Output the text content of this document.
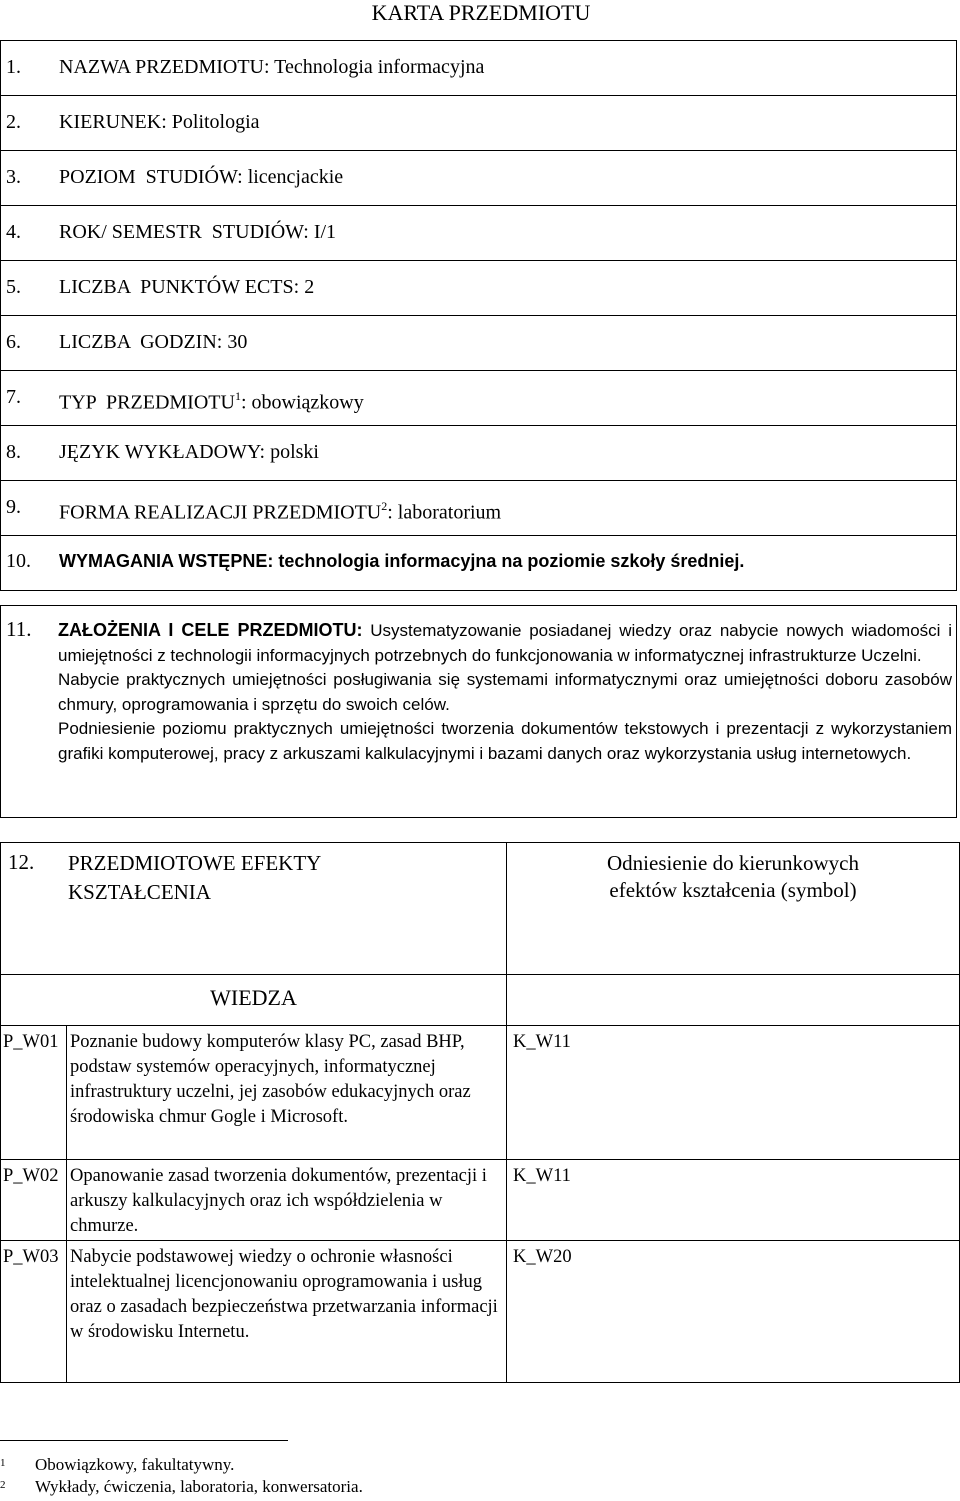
KARTA PRZEDMIOTU
1. NAZWA PRZEDMIOTU: Technologia informacyjna
2. KIERUNEK: Politologia
3. POZIOM  STUDIÓW: licencjackie
4. ROK/ SEMESTR  STUDIÓW: I/1
5. LICZBA  PUNKTÓW ECTS: 2
6. LICZBA  GODZIN: 30
7. TYP  PRZEDMIOTU$^1$: obowiązkowy
8. JĘZYK WYKŁADOWY: polski
9. FORMA REALIZACJI PRZEDMIOTU$^2$: laboratorium
10. WYMAGANIA WSTĘPNE: technologia informacyjna na poziomie szkoły średniej.
11. ZAŁOŻENIA I CELE PRZEDMIOTU: Usystematyzowanie posiadanej wiedzy oraz nabycie nowych wiadomości i umiejętności z technologii informacyjnych potrzebnych do funkcjonowania w informatycznej infrastrukturze Uczelni.

Nabycie praktycznych umiejętności posługiwania się systemami informatycznymi oraz umiejętności doboru zasobów chmury, oprogramowania i sprzętu do swoich celów.

Podniesienie poziomu praktycznych umiejętności tworzenia dokumentów tekstowych i prezentacji z wykorzystaniem grafiki komputerowej, pracy z arkuszami kalkulacyjnymi i bazami danych oraz wykorzystania usług internetowych.

12. PRZEDMIOTOWE EFEKTY KSZTAŁCENIA
Odniesienie do kierunkowych efektów kształcenia (symbol)
WIEDZA
P_W01 Poznanie budowy komputerów klasy PC, zasad BHP, podstaw systemów operacyjnych, informatycznej infrastruktury uczelni, jej zasobów edukacyjnych oraz środowiska chmur Gogle i Microsoft.
K_W11
P_W02 Opanowanie zasad tworzenia dokumentów, prezentacji i arkuszy kalkulacyjnych oraz ich współdzielenia w chmurze.
K_W11
P_W03 Nabycie podstawowej wiedzy o ochronie własności intelektualnej licencjonowaniu oprogramowania i usług oraz o zasadach bezpieczeństwa przetwarzania informacji w środowisku Internetu.
K_W20
1 Obowiązkowy, fakultatywny.
2 Wykłady, ćwiczenia, laboratoria, konwersatoria.
